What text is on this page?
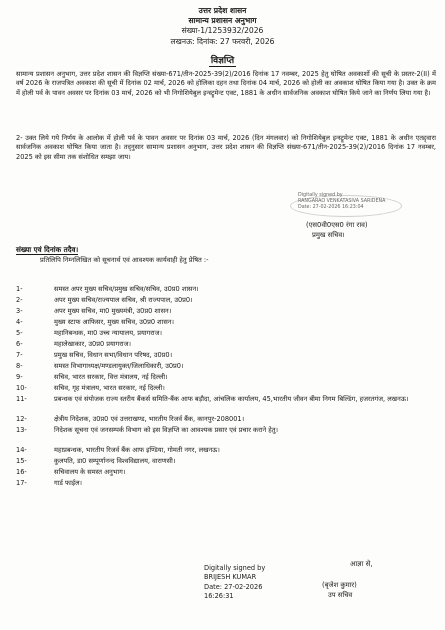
उत्तर प्रदेश शासन
सामान्य प्रशासन अनुभाग
संख्या-1/1253932/2026
लखनऊ: दिनांक: 27 फरवरी, 2026
विज्ञप्ति
सामान्य प्रशासन अनुभाग, उत्तर प्रदेश शासन की विज्ञप्ति संख्या-671/तीन-2025-39(2)/2016 दिनांक 17 नवम्बर, 2025 हेतु घोषित अवकाशों की सूची के प्रस्तर-2(II) में वर्ष 2026 के राजपत्रित अवकाश की सूची में दिनांक 02 मार्च, 2026 को होलिका दहन तथा दिनांक 04 मार्च, 2026 को होली का अवकाश घोषित किया गया है। उक्त के क्रम में होली पर्व के पावन अवसर पर दिनांक 03 मार्च, 2026 को भी निगोशियेबुल इन्स्ट्रूमेन्ट एक्ट, 1881 के अधीन सार्वजनिक अवकाश घोषित किये जाने का निर्णय लिया गया है।
2- उक्त लिये गये निर्णय के आलोक में होली पर्व के पावन अवसर पर दिनांक 03 मार्च, 2026 (दिन मंगलवार) को निगोशियेबुल इन्स्ट्रूमेन्ट एक्ट, 1881 के अधीन एतद्द्वारा सार्वजनिक अवकाश घोषित किया जाता है। तद्नुसार सामान्य प्रशासन अनुभाग, उत्तर प्रदेश शासन की विज्ञप्ति संख्या-671/तीन-2025-39(2)/2016 दिनांक 17 नवम्बर, 2025 को इस सीमा तक संशोधित समझा जाय।
Digitally signed by
RANGARAO VENKATASIVA SARIDENA
Date: 27-02-2026 16:23:04
(एस0वी0एस0 रंगा राव)
प्रमुख सचिव।
संख्या एवं दिनांक तदैव।
प्रतिलिपि निम्नलिखित को सूचनार्थ एवं आवश्यक कार्यवाही हेतु प्रेषित :-
1-	समस्त अपर मुख्य सचिव/प्रमुख सचिव/सचिव, उ0प्र0 शासन।
2-	अपर मुख्य सचिव/राज्यपाल सचिव, श्री राज्यपाल, उ0प्र0।
3-	अपर मुख्य सचिव, मा0 मुख्यमंत्री, उ0प्र0 शासन।
4-	मुख्य स्टाफ आफिसर, मुख्य सचिव, उ0प्र0 शासन।
5-	महानिबन्धक, मा0 उच्च न्यायालय, प्रयागराज।
6-	महालेखाकार, उ0प्र0 प्रयागराज।
7-	प्रमुख सचिव, विधान सभा/विधान परिषद, उ0प्र0।
8-	समस्त विभागाध्यक्ष/मण्डलायुक्त/जिलाधिकारी, उ0प्र0।
9-	सचिव, भारत सरकार, वित्त मंत्रालय, नई दिल्ली।
10-	सचिव, गृह मंत्रालय, भारत सरकार, नई दिल्ली।
11-	प्रबन्धक एवं संयोजक राज्य स्तरीय बैंकर्स समिति-बैंक आफ बड़ौदा, आंचलिक कार्यालय, 45,भारतीय जीवन बीमा निगम बिल्डिंग, हजरतगंज, लखनऊ।
12-	क्षेत्रीय निदेशक, उ0प्र0 एवं उत्तराखण्ड, भारतीय रिजर्व बैंक, कानपुर-208001।
13-	निदेशक सूचना एवं जनसम्पर्क विभाग को इस विज्ञप्ति का आवश्यक प्रसार एवं प्रचार कराने हेतु।
14-	महाप्रबन्धक, भारतीय रिजर्व बैंक आफ इण्डिया, गोमती नगर, लखनऊ।
15-	कुलपति, डा0 सम्पूर्णानन्द विश्वविद्यालय, वाराणसी।
16-	सचिवालय के समस्त अनुभाग।
17-	गार्ड फाईल।
Digitally signed by
BRIJESH KUMAR
Date: 27-02-2026
16:26:31
आज्ञा से,
(बृजेश कुमार)
उप सचिव
